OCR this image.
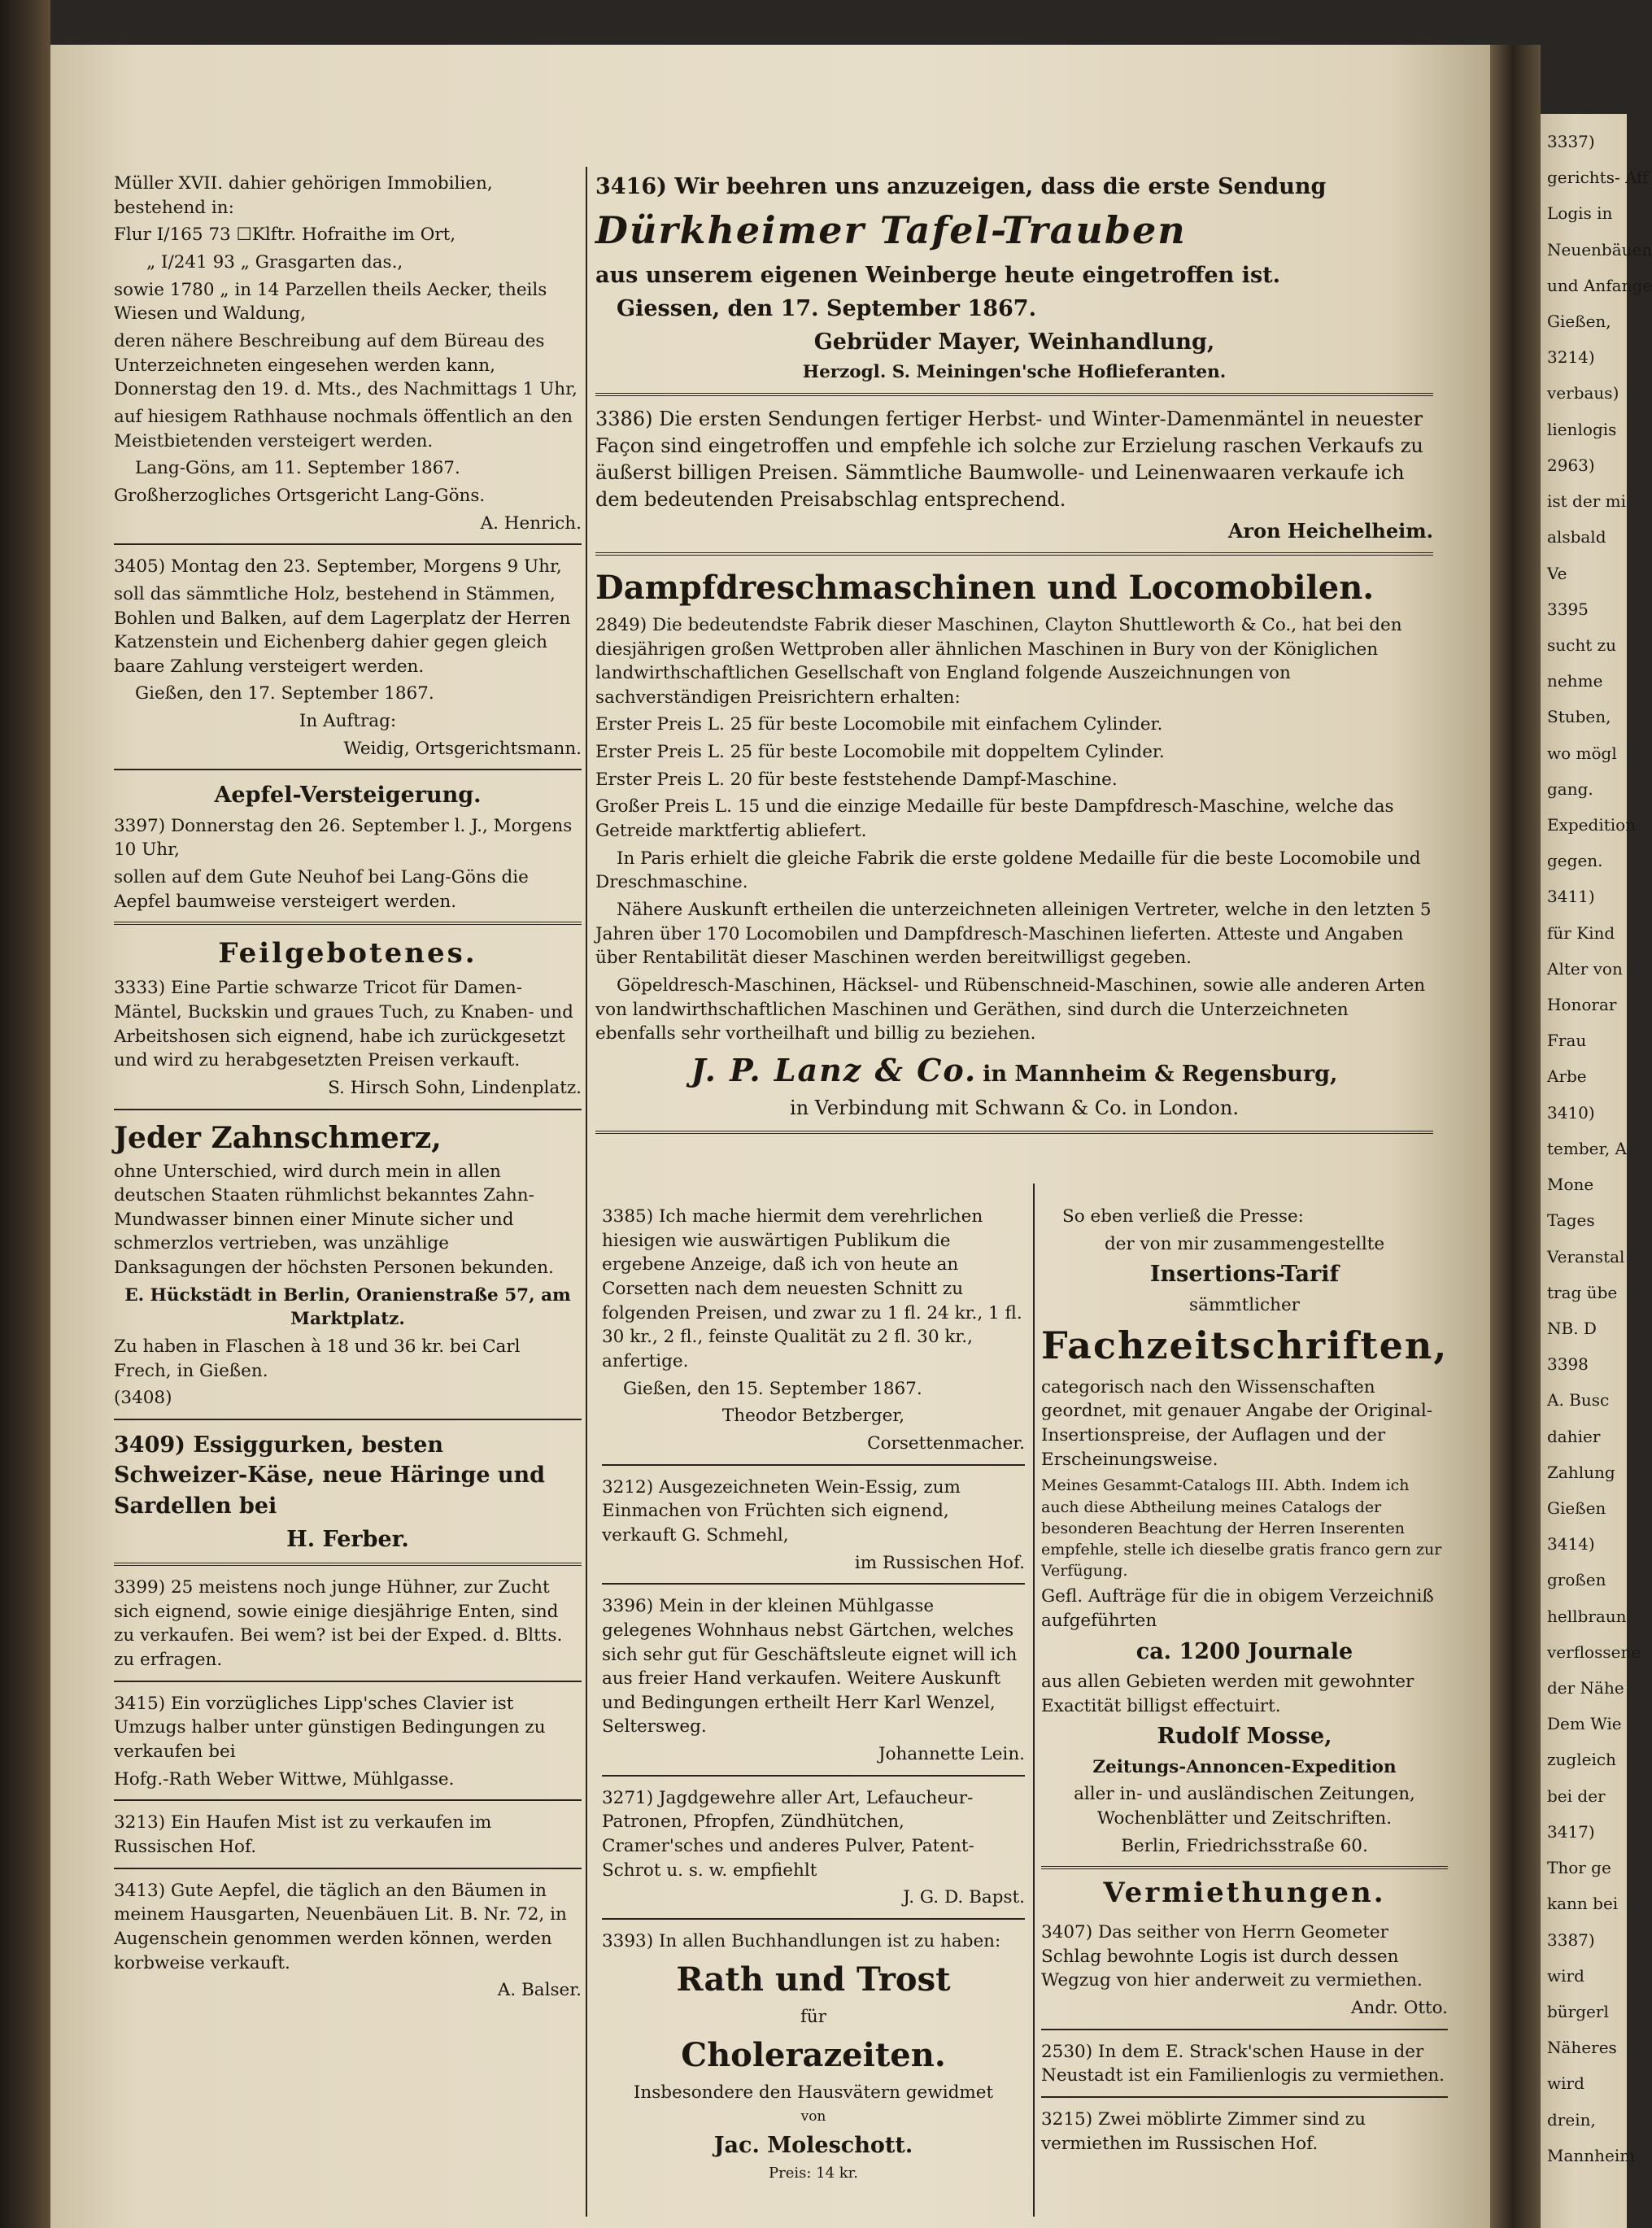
Müller XVII. dahier gehörigen Immobilien, bestehend in:

Flur I/165 73 ☐Klftr. Hofraithe im Ort,

„ I/241 93 „ Grasgarten das.,

sowie 1780 „ in 14 Parzellen theils Aecker, theils Wiesen und Waldung,

deren nähere Beschreibung auf dem Büreau des Unterzeichneten eingesehen werden kann, Donnerstag den 19. d. Mts., des Nachmittags 1 Uhr,

auf hiesigem Rathhause nochmals öffentlich an den Meistbietenden versteigert werden.

Lang-Göns, am 11. September 1867.

Großherzogliches Ortsgericht Lang-Göns.

A. Henrich.

3405) Montag den 23. September, Morgens 9 Uhr,

soll das sämmtliche Holz, bestehend in Stämmen, Bohlen und Balken, auf dem Lagerplatz der Herren Katzenstein und Eichenberg dahier gegen gleich baare Zahlung versteigert werden.

Gießen, den 17. September 1867.

In Auftrag:

Weidig, Ortsgerichtsmann.

Aepfel-Versteigerung.

3397) Donnerstag den 26. September l. J., Morgens 10 Uhr,

sollen auf dem Gute Neuhof bei Lang-Göns die Aepfel baumweise versteigert werden.

Feilgebotenes.

3333) Eine Partie schwarze Tricot für Damen-Mäntel, Buckskin und graues Tuch, zu Knaben- und Arbeitshosen sich eignend, habe ich zurückgesetzt und wird zu herabgesetzten Preisen verkauft.

S. Hirsch Sohn, Lindenplatz.

Jeder Zahnschmerz,

ohne Unterschied, wird durch mein in allen deutschen Staaten rühmlichst bekanntes Zahn-Mundwasser binnen einer Minute sicher und schmerzlos vertrieben, was unzählige Danksagungen der höchsten Personen bekunden.

E. Hückstädt in Berlin, Oranienstraße 57, am Marktplatz.

Zu haben in Flaschen à 18 und 36 kr. bei Carl Frech, in Gießen.

(3408)

3409) Essiggurken, besten Schweizer-Käse, neue Häringe und Sardellen bei

H. Ferber.

3399) 25 meistens noch junge Hühner, zur Zucht sich eignend, sowie einige diesjährige Enten, sind zu verkaufen. Bei wem? ist bei der Exped. d. Bltts. zu erfragen.

3415) Ein vorzügliches Lipp'sches Clavier ist Umzugs halber unter günstigen Bedingungen zu verkaufen bei

Hofg.-Rath Weber Wittwe, Mühlgasse.

3213) Ein Haufen Mist ist zu verkaufen im Russischen Hof.

3413) Gute Aepfel, die täglich an den Bäumen in meinem Hausgarten, Neuenbäuen Lit. B. Nr. 72, in Augenschein genommen werden können, werden korbweise verkauft.

A. Balser.

3416) Wir beehren uns anzuzeigen, dass die erste Sendung

Dürkheimer Tafel-Trauben

aus unserem eigenen Weinberge heute eingetroffen ist.

Giessen, den 17. September 1867.

Gebrüder Mayer, Weinhandlung,

Herzogl. S. Meiningen'sche Hoflieferanten.

3386) Die ersten Sendungen fertiger Herbst- und Winter-Damenmäntel in neuester Façon sind eingetroffen und empfehle ich solche zur Erzielung raschen Verkaufs zu äußerst billigen Preisen. Sämmtliche Baumwolle- und Leinenwaaren verkaufe ich dem bedeutenden Preisabschlag entsprechend.

Aron Heichelheim.

Dampfdreschmaschinen und Locomobilen.

2849) Die bedeutendste Fabrik dieser Maschinen, Clayton Shuttleworth & Co., hat bei den diesjährigen großen Wettproben aller ähnlichen Maschinen in Bury von der Königlichen landwirthschaftlichen Gesellschaft von England folgende Auszeichnungen von sachverständigen Preisrichtern erhalten:

Erster Preis L. 25 für beste Locomobile mit einfachem Cylinder.

Erster Preis L. 25 für beste Locomobile mit doppeltem Cylinder.

Erster Preis L. 20 für beste feststehende Dampf-Maschine.

Großer Preis L. 15 und die einzige Medaille für beste Dampfdresch-Maschine, welche das Getreide marktfertig abliefert.

In Paris erhielt die gleiche Fabrik die erste goldene Medaille für die beste Locomobile und Dreschmaschine.

Nähere Auskunft ertheilen die unterzeichneten alleinigen Vertreter, welche in den letzten 5 Jahren über 170 Locomobilen und Dampfdresch-Maschinen lieferten. Atteste und Angaben über Rentabilität dieser Maschinen werden bereitwilligst gegeben.

Göpeldresch-Maschinen, Häcksel- und Rübenschneid-Maschinen, sowie alle anderen Arten von landwirthschaftlichen Maschinen und Geräthen, sind durch die Unterzeichneten ebenfalls sehr vortheilhaft und billig zu beziehen.

J. P. Lanz & Co. in Mannheim & Regensburg,

in Verbindung mit Schwann & Co. in London.

3385) Ich mache hiermit dem verehrlichen hiesigen wie auswärtigen Publikum die ergebene Anzeige, daß ich von heute an Corsetten nach dem neuesten Schnitt zu folgenden Preisen, und zwar zu 1 fl. 24 kr., 1 fl. 30 kr., 2 fl., feinste Qualität zu 2 fl. 30 kr., anfertige.

Gießen, den 15. September 1867.

Theodor Betzberger,

Corsettenmacher.

3212) Ausgezeichneten Wein-Essig, zum Einmachen von Früchten sich eignend, verkauft G. Schmehl,

im Russischen Hof.

3396) Mein in der kleinen Mühlgasse gelegenes Wohnhaus nebst Gärtchen, welches sich sehr gut für Geschäftsleute eignet will ich aus freier Hand verkaufen. Weitere Auskunft und Bedingungen ertheilt Herr Karl Wenzel, Seltersweg.

Johannette Lein.

3271) Jagdgewehre aller Art, Lefaucheur-Patronen, Pfropfen, Zündhütchen, Cramer'sches und anderes Pulver, Patent-Schrot u. s. w. empfiehlt

J. G. D. Bapst.

3393) In allen Buchhandlungen ist zu haben:

Rath und Trost

für

Cholerazeiten.

Insbesondere den Hausvätern gewidmet

von

Jac. Moleschott.

Preis: 14 kr.

So eben verließ die Presse:

der von mir zusammengestellte

Insertions-Tarif

sämmtlicher

Fachzeitschriften,

categorisch nach den Wissenschaften geordnet, mit genauer Angabe der Original-Insertionspreise, der Auflagen und der Erscheinungsweise.

Meines Gesammt-Catalogs III. Abth. Indem ich auch diese Abtheilung meines Catalogs der besonderen Beachtung der Herren Inserenten empfehle, stelle ich dieselbe gratis franco gern zur Verfügung.

Gefl. Aufträge für die in obigem Verzeichniß aufgeführten

ca. 1200 Journale

aus allen Gebieten werden mit gewohnter Exactität billigst effectuirt.

Rudolf Mosse,

Zeitungs-Annoncen-Expedition

aller in- und ausländischen Zeitungen, Wochenblätter und Zeitschriften.

Berlin, Friedrichsstraße 60.

Vermiethungen.

3407) Das seither von Herrn Geometer Schlag bewohnte Logis ist durch dessen Wegzug von hier anderweit zu vermiethen.

Andr. Otto.

2530) In dem E. Strack'schen Hause in der Neustadt ist ein Familienlogis zu vermiethen.

3215) Zwei möblirte Zimmer sind zu vermiethen im Russischen Hof.

3337)
gerichts- Aff
Logis in
Neuenbäuen
und Anfange
Gießen,
3214)
verbaus)
lienlogis
2963)
ist der mi
alsbald
Ve
3395
sucht zu
nehme
Stuben,
wo mögl
gang.
Expedition
gegen.
3411)
für Kind
Alter von
Honorar
Frau
Arbe
3410)
tember, A
Mone
Tages
Veranstal
trag übe
NB. D
3398
A. Busc
dahier
Zahlung
Gießen
3414)
großen
hellbraun
verflossene
der Nähe
Dem Wie
zugleich
bei der
3417)
Thor ge
kann bei
3387)
wird
bürgerl
Näheres
wird
drein,
Mannheim
